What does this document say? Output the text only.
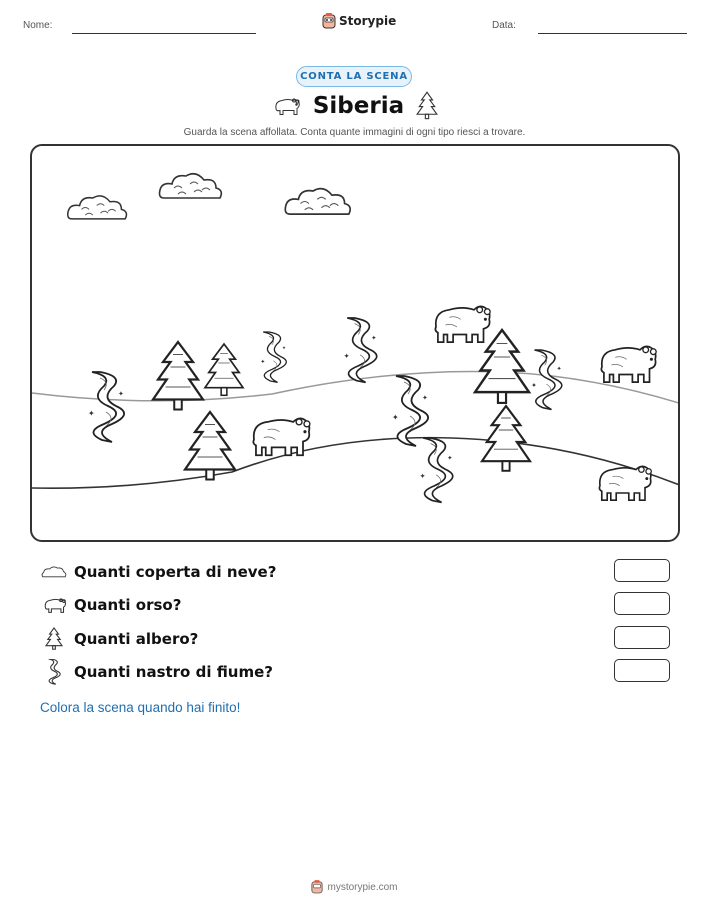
Nome:	Storypie	Data:
CONTA LA SCENA
Siberia
Guarda la scena affollata. Conta quante immagini di ogni tipo riesci a trovare.
✦
✦
Quanti coperta di neve?
Quanti orso?
Quanti albero?
Quanti nastro di fiume?
Colora la scena quando hai finito!
mystorypie.com
